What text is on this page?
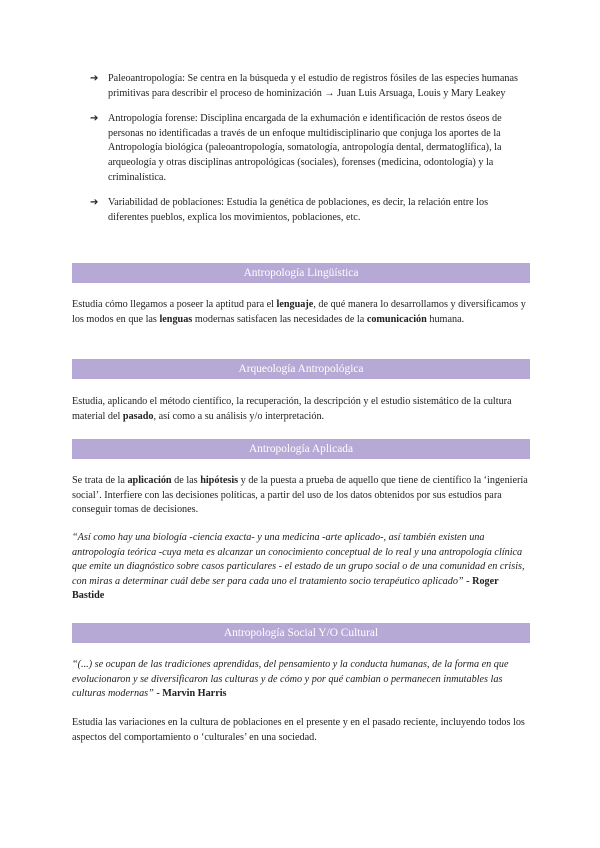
➔ Paleoantropología: Se centra en la búsqueda y el estudio de registros fósiles de las especies humanas primitivas para describir el proceso de hominización → Juan Luis Arsuaga, Louis y Mary Leakey
➔ Antropología forense: Disciplina encargada de la exhumación e identificación de restos óseos de personas no identificadas a través de un enfoque multidisciplinario que conjuga los aportes de la Antropología biológica (paleoantropología, somatología, antropología dental, dermatoglífica), la arqueología y otras disciplinas antropológicas (sociales), forenses (medicina, odontología) y la criminalística.
➔ Variabilidad de poblaciones: Estudia la genética de poblaciones, es decir, la relación entre los diferentes pueblos, explica los movimientos, poblaciones, etc.
Antropología Lingüística
Estudia cómo llegamos a poseer la aptitud para el lenguaje, de qué manera lo desarrollamos y diversificamos y los modos en que las lenguas modernas satisfacen las necesidades de la comunicación humana.
Arqueología Antropológica
Estudia, aplicando el método científico, la recuperación, la descripción y el estudio sistemático de la cultura material del pasado, así como a su análisis y/o interpretación.
Antropología Aplicada
Se trata de la aplicación de las hipótesis y de la puesta a prueba de aquello que tiene de científico la ‘ingeniería social’. Interfiere con las decisiones políticas, a partir del uso de los datos obtenidos por sus estudios para conseguir tomas de decisiones.
“Así como hay una biología -ciencia exacta- y una medicina -arte aplicado-, así también existen una antropología teórica -cuya meta es alcanzar un conocimiento conceptual de lo real y una antropología clínica que emite un diagnóstico sobre casos particulares - el estado de un grupo social o de una comunidad en crisis, con miras a determinar cuál debe ser para cada uno el tratamiento socio terapéutico aplicado” - Roger Bastide
Antropología Social Y/O Cultural
“(...) se ocupan de las tradiciones aprendidas, del pensamiento y la conducta humanas, de la forma en que evolucionaron y se diversificaron las culturas y de cómo y por qué cambian o permanecen inmutables las culturas modernas” - Marvin Harris
Estudia las variaciones en la cultura de poblaciones en el presente y en el pasado reciente, incluyendo todos los aspectos del comportamiento o ‘culturales’ en una sociedad.
